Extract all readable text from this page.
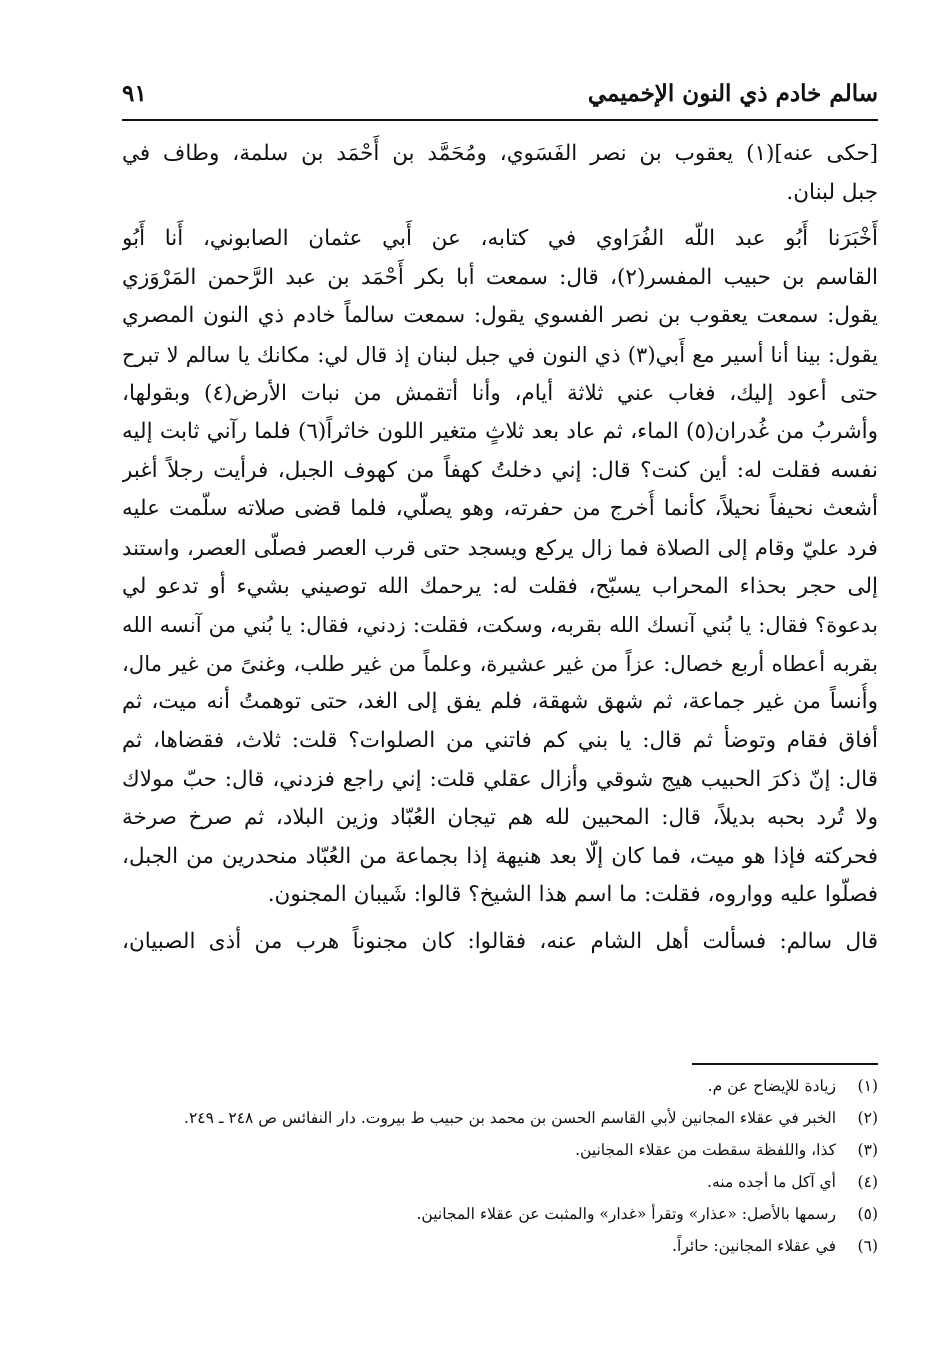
سالم خادم ذي النون الإخميمي
٩١
[حكى عنه](١) يعقوب بن نصر الفَسَوي، ومُحَمَّد بن أَحْمَد بن سلمة، وطاف في
جبل لبنان.
أَخْبَرَنا أَبُو عبد اللّه الفُرَاوي في كتابه، عن أَبي عثمان الصابوني، أَنا أَبُو
القاسم بن حبيب المفسر(٢)، قال: سمعت أبا بكر أَحْمَد بن عبد الرَّحمن المَرْوَزي
يقول: سمعت يعقوب بن نصر الفسوي يقول: سمعت سالماً خادم ذي النون المصري
يقول: بينا أنا أسير مع أَبي(٣) ذي النون في جبل لبنان إذ قال لي: مكانك يا سالم لا تبرح
حتى أعود إليك، فغاب عني ثلاثة أيام، وأنا أتقمش من نبات الأرض(٤) وبقولها،
وأشربُ من غُدران(٥) الماء، ثم عاد بعد ثلاثٍ متغير اللون خاثراً(٦) فلما رآني ثابت إليه
نفسه فقلت له: أين كنت؟ قال: إني دخلتُ كهفاً من كهوف الجبل، فرأيت رجلاً أغبر
أشعث نحيفاً نحيلاً، كأنما أُخرج من حفرته، وهو يصلّي، فلما قضى صلاته سلّمت عليه
فرد عليّ وقام إلى الصلاة فما زال يركع ويسجد حتى قرب العصر فصلّى العصر، واستند
إلى حجر بحذاء المحراب يسبّح، فقلت له: يرحمك الله توصيني بشيء أو تدعو لي
بدعوة؟ فقال: يا بُني آنسك الله بقربه، وسكت، فقلت: زدني، فقال: يا بُني من آنسه الله
بقربه أعطاه أربع خصال: عزاً من غير عشيرة، وعلماً من غير طلب، وغنىً من غير مال،
وأُنساً من غير جماعة، ثم شهق شهقة، فلم يفق إلى الغد، حتى توهمتُ أنه ميت، ثم
أفاق فقام وتوضأ ثم قال: يا بني كم فاتني من الصلوات؟ قلت: ثلاث، فقضاها، ثم
قال: إنّ ذكرَ الحبيب هيج شوقي وأزال عقلي قلت: إني راجع فزدني، قال: حبّ مولاك
ولا تُرد بحبه بديلاً، قال: المحبين لله هم تيجان العُبّاد وزين البلاد، ثم صرخ صرخة
فحركته فإذا هو ميت، فما كان إلّا بعد هنيهة إذا بجماعة من العُبّاد منحدرين من الجبل،
فصلّوا عليه وواروه، فقلت: ما اسم هذا الشيخ؟ قالوا: شَيبان المجنون.
قال سالم: فسألت أهل الشام عنه، فقالوا: كان مجنوناً هرب من أذى الصبيان،
(١)
زيادة للإيضاح عن م.
(٢)
الخبر في عقلاء المجانين لأبي القاسم الحسن بن محمد بن حبيب ط بيروت. دار النفائس ص ٢٤٨ ـ ٢٤٩.
(٣)
كذا، واللفظة سقطت من عقلاء المجانين.
(٤)
أي آكل ما أجده منه.
(٥)
رسمها بالأصل: «عذار» وتقرأ «غدار» والمثبت عن عقلاء المجانين.
(٦)
في عقلاء المجانين: حائراً.
